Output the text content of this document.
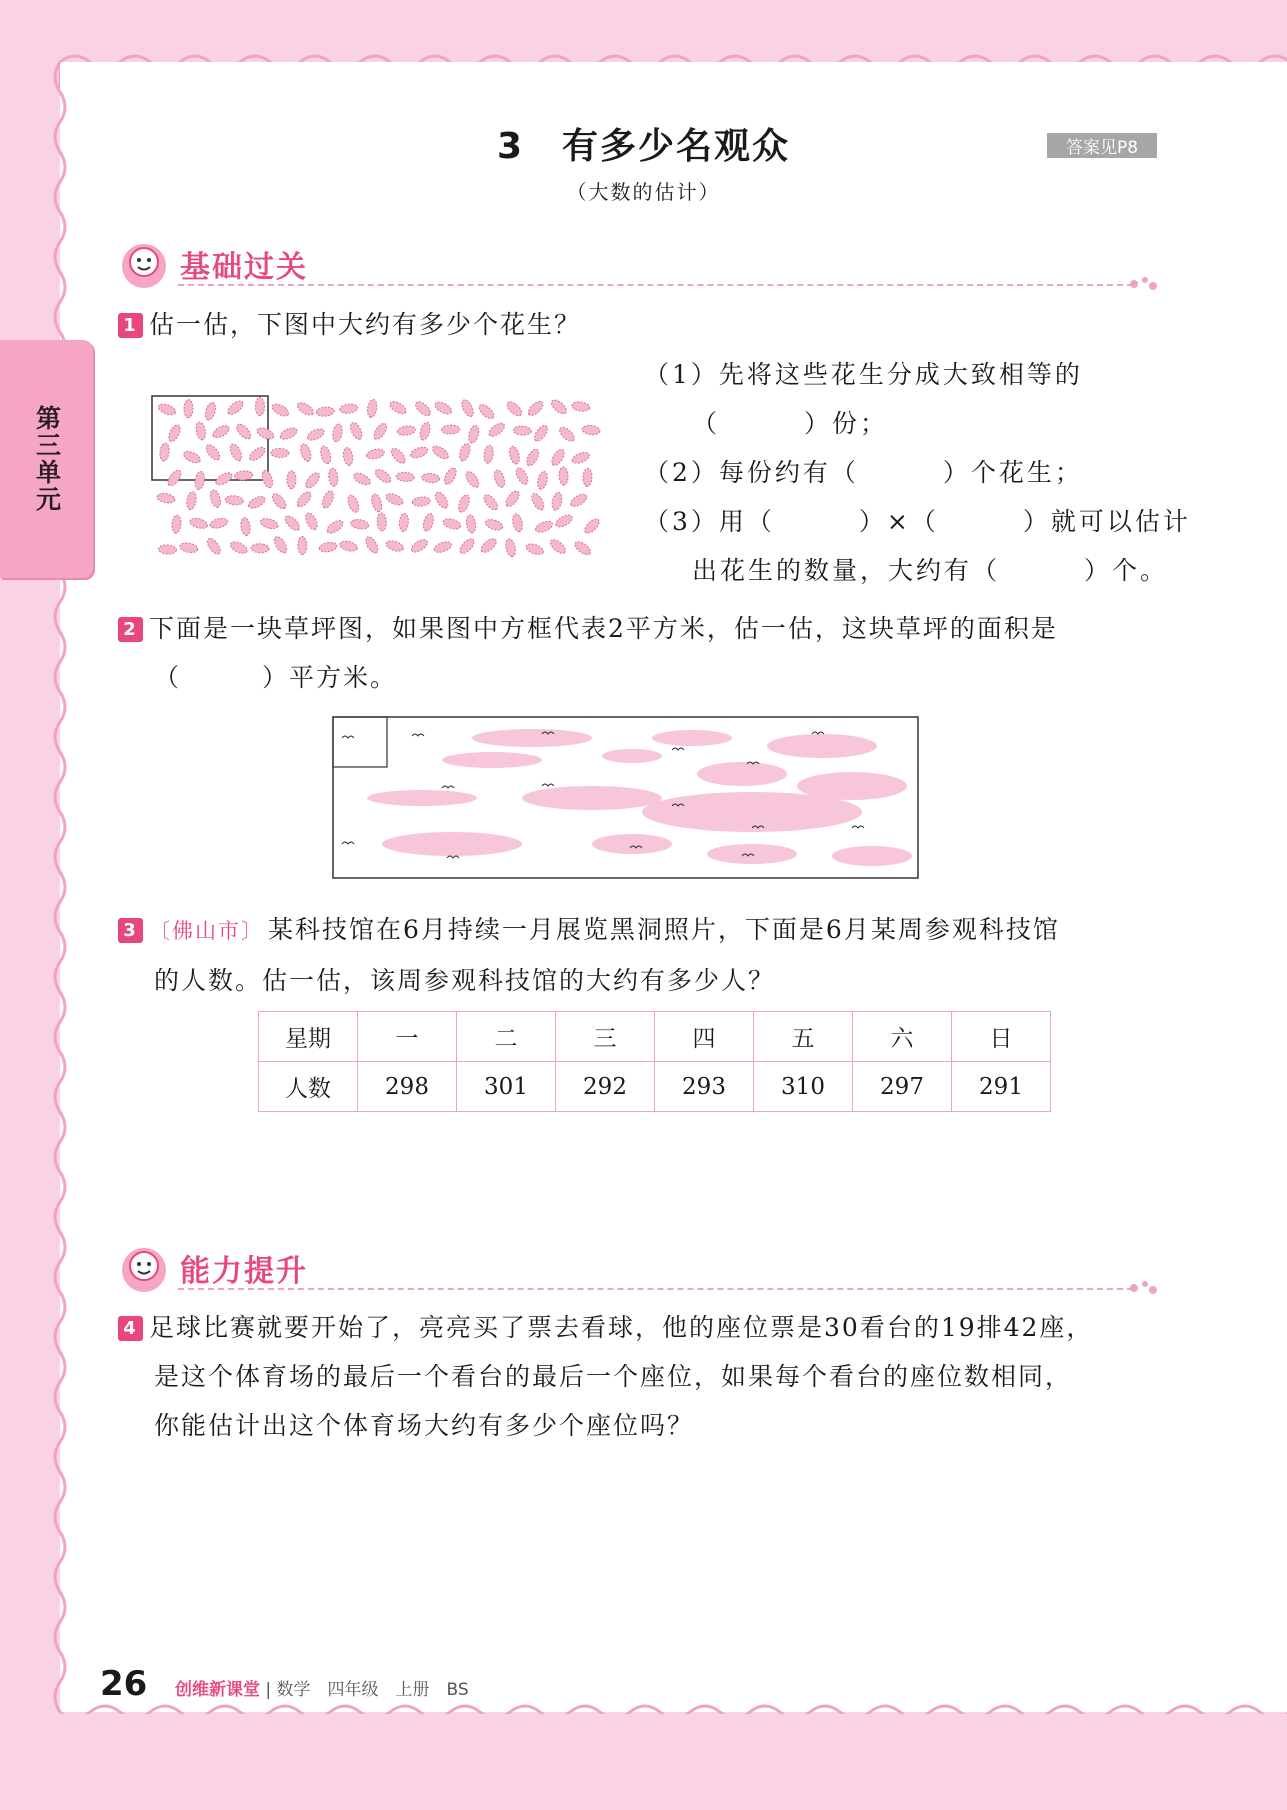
第三单元
3　有多少名观众
（大数的估计）
答案见P8
基础过关
1 估一估，下图中大约有多少个花生？
（1）先将这些花生分成大致相等的
（　　　）份；
（2）每份约有（　　　）个花生；
（3）用（　　　）×（　　　）就可以估计
出花生的数量，大约有（　　　）个。
2 下面是一块草坪图，如果图中方框代表2平方米，估一估，这块草坪的面积是
（　　　）平方米。
3 〔佛山市〕 某科技馆在6月持续一月展览黑洞照片，下面是6月某周参观科技馆
的人数。估一估，该周参观科技馆的大约有多少人？
星期	一	二	三	四	五	六	日
人数	298	301	292	293	310	297	291
能力提升
4 足球比赛就要开始了，亮亮买了票去看球，他的座位票是30看台的19排42座，
是这个体育场的最后一个看台的最后一个座位，如果每个看台的座位数相同，
你能估计出这个体育场大约有多少个座位吗？
26 创维新课堂 | 数学　四年级　上册　BS
